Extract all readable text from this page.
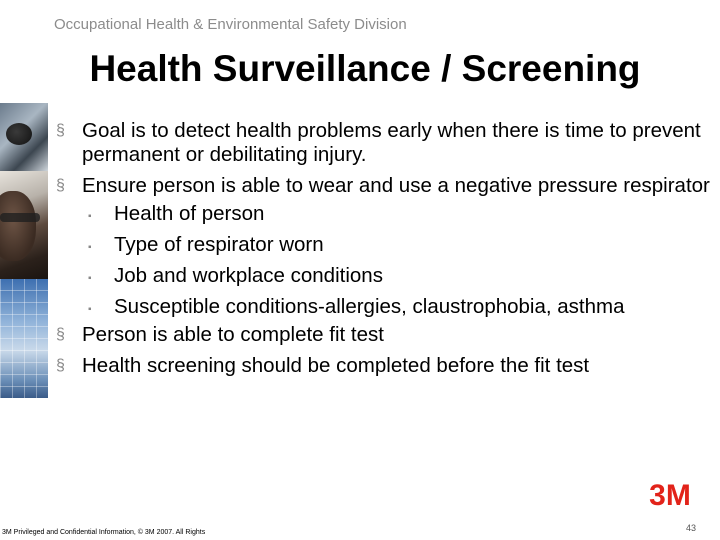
Occupational Health & Environmental Safety Division
Health Surveillance / Screening
§ Goal is to detect health problems early when there is time to prevent permanent or debilitating injury.
§ Ensure person is able to wear and use a negative pressure respirator
▪ Health of person
▪ Type of respirator worn
▪ Job and workplace conditions
▪ Susceptible conditions-allergies, claustrophobia, asthma
§ Person is able to complete fit test
§ Health screening should be completed before the fit test
3M
43
3M Privileged and Confidential Information, © 3M 2007. All Rights
